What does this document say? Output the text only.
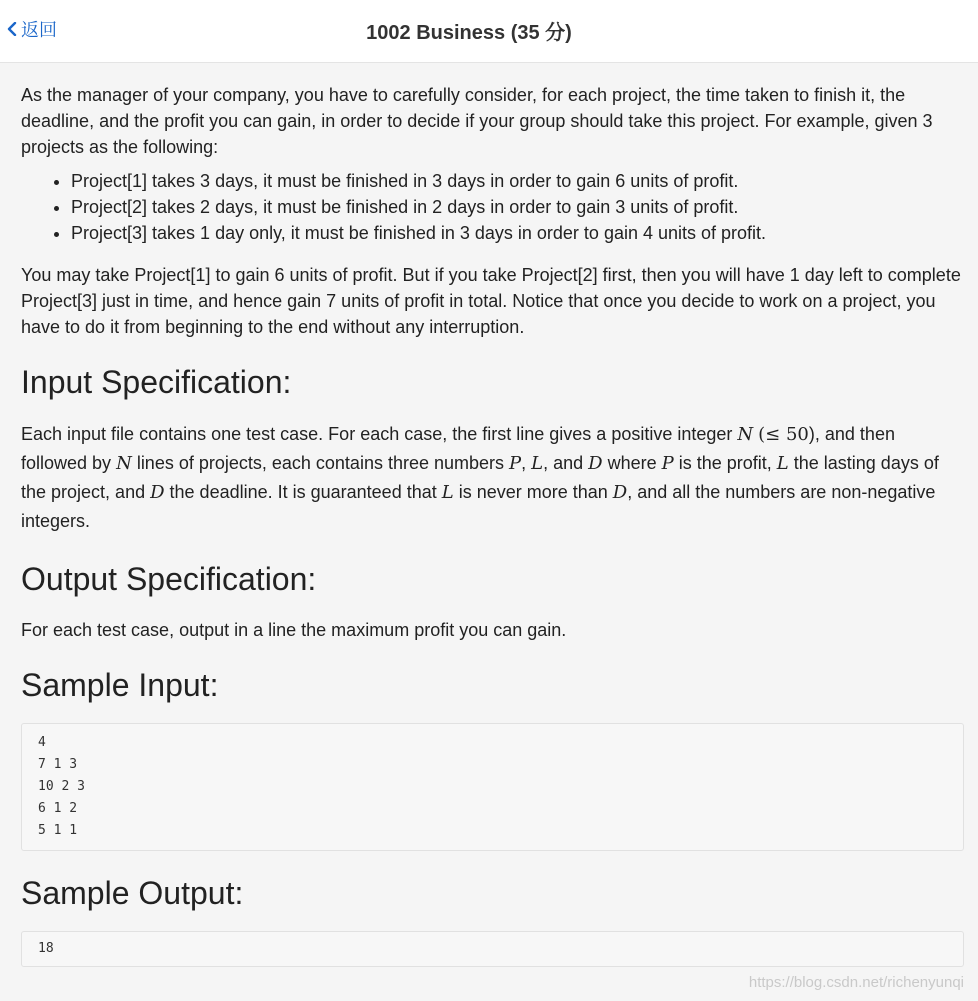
返回	1002 Business (35 分)

As the manager of your company, you have to carefully consider, for each project, the time taken to finish it, the deadline, and the profit you can gain, in order to decide if your group should take this project. For example, given 3 projects as the following:

• Project[1] takes 3 days, it must be finished in 3 days in order to gain 6 units of profit.
• Project[2] takes 2 days, it must be finished in 2 days in order to gain 3 units of profit.
• Project[3] takes 1 day only, it must be finished in 3 days in order to gain 4 units of profit.

You may take Project[1] to gain 6 units of profit. But if you take Project[2] first, then you will have 1 day left to complete Project[3] just in time, and hence gain 7 units of profit in total. Notice that once you decide to work on a project, you have to do it from beginning to the end without any interruption.

Input Specification:

Each input file contains one test case. For each case, the first line gives a positive integer N (≤ 50), and then followed by N lines of projects, each contains three numbers P, L, and D where P is the profit, L the lasting days of the project, and D the deadline. It is guaranteed that L is never more than D, and all the numbers are non-negative integers.

Output Specification:

For each test case, output in a line the maximum profit you can gain.

Sample Input:
4
7 1 3
10 2 3
6 1 2
5 1 1
Sample Output:
18
https://blog.csdn.net/richenyunqi
